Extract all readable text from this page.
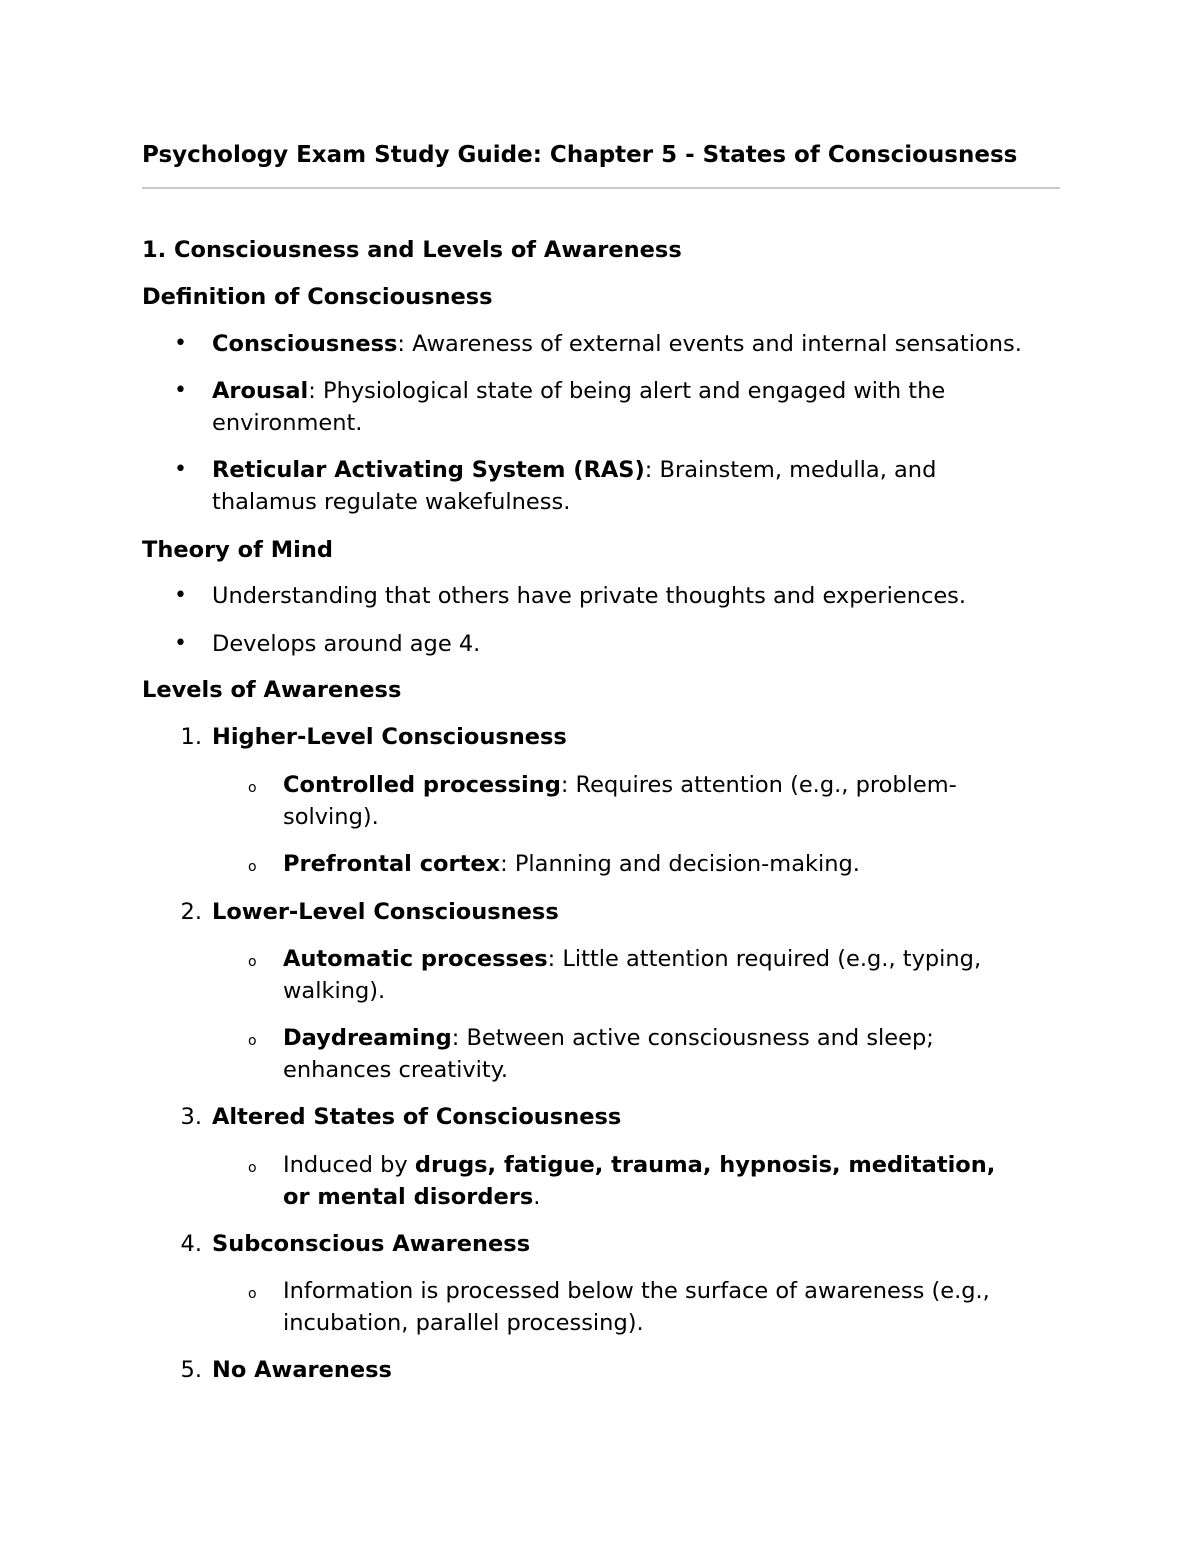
Psychology Exam Study Guide: Chapter 5 - States of Consciousness
1. Consciousness and Levels of Awareness
Definition of Consciousness
• Consciousness: Awareness of external events and internal sensations.
• Arousal: Physiological state of being alert and engaged with the
environment.
• Reticular Activating System (RAS): Brainstem, medulla, and
thalamus regulate wakefulness.
Theory of Mind
• Understanding that others have private thoughts and experiences.
• Develops around age 4.
Levels of Awareness
1. Higher-Level Consciousness
o Controlled processing: Requires attention (e.g., problem-
solving).
o Prefrontal cortex: Planning and decision-making.
2. Lower-Level Consciousness
o Automatic processes: Little attention required (e.g., typing,
walking).
o Daydreaming: Between active consciousness and sleep;
enhances creativity.
3. Altered States of Consciousness
o Induced by drugs, fatigue, trauma, hypnosis, meditation,
or mental disorders.
4. Subconscious Awareness
o Information is processed below the surface of awareness (e.g.,
incubation, parallel processing).
5. No Awareness
